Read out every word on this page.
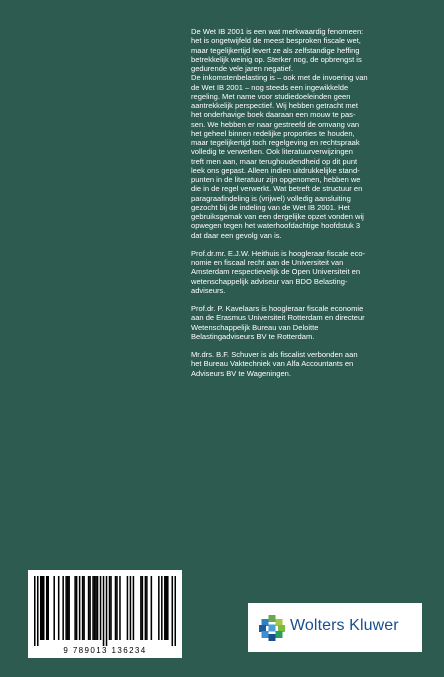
De Wet IB 2001 is een wat merkwaardig fenomeen:

het is ongetwijfeld de meest besproken fiscale wet,

maar tegelijkertijd levert ze als zelfstandige heffing

betrekkelijk weinig op. Sterker nog, de opbrengst is

gedurende vele jaren negatief.

De inkomstenbelasting is – ook met de invoering van

de Wet IB 2001 – nog steeds een ingewikkelde

regeling. Met name voor studiedoeleinden geen

aantrekkelijk perspectief. Wij hebben getracht met

het onderhavige boek daaraan een mouw te pas-

sen. We hebben er naar gestreefd de omvang van

het geheel binnen redelijke proporties te houden,

maar tegelijkertijd toch regelgeving en rechtspraak

volledig te verwerken. Ook literatuurverwijzingen

treft men aan, maar terughoudendheid op dit punt

leek ons gepast. Alleen indien uitdrukkelijke stand-

punten in de literatuur zijn opgenomen, hebben we

die in de regel verwerkt. Wat betreft de structuur en

paragraafindeling is (vrijwel) volledig aansluiting

gezocht bij de indeling van de Wet IB 2001. Het

gebruiksgemak van een dergelijke opzet vonden wij

opwegen tegen het waterhoofdachtige hoofdstuk 3

dat daar een gevolg van is.

Prof.dr.mr. E.J.W. Heithuis is hoogleraar fiscale eco-

nomie en fiscaal recht aan de Universiteit van

Amsterdam respectievelijk de Open Universiteit en

wetenschappelijk adviseur van BDO Belasting-

adviseurs.

Prof.dr. P. Kavelaars is hoogleraar fiscale economie

aan de Erasmus Universiteit Rotterdam en directeur

Wetenschappelijk Bureau van Deloitte

Belastingadviseurs BV te Rotterdam.

Mr.drs. B.F. Schuver is als fiscalist verbonden aan

het Bureau Vaktechniek van Alfa Accountants en

Adviseurs BV te Wageningen.

9 789013 136234
Wolters Kluwer
